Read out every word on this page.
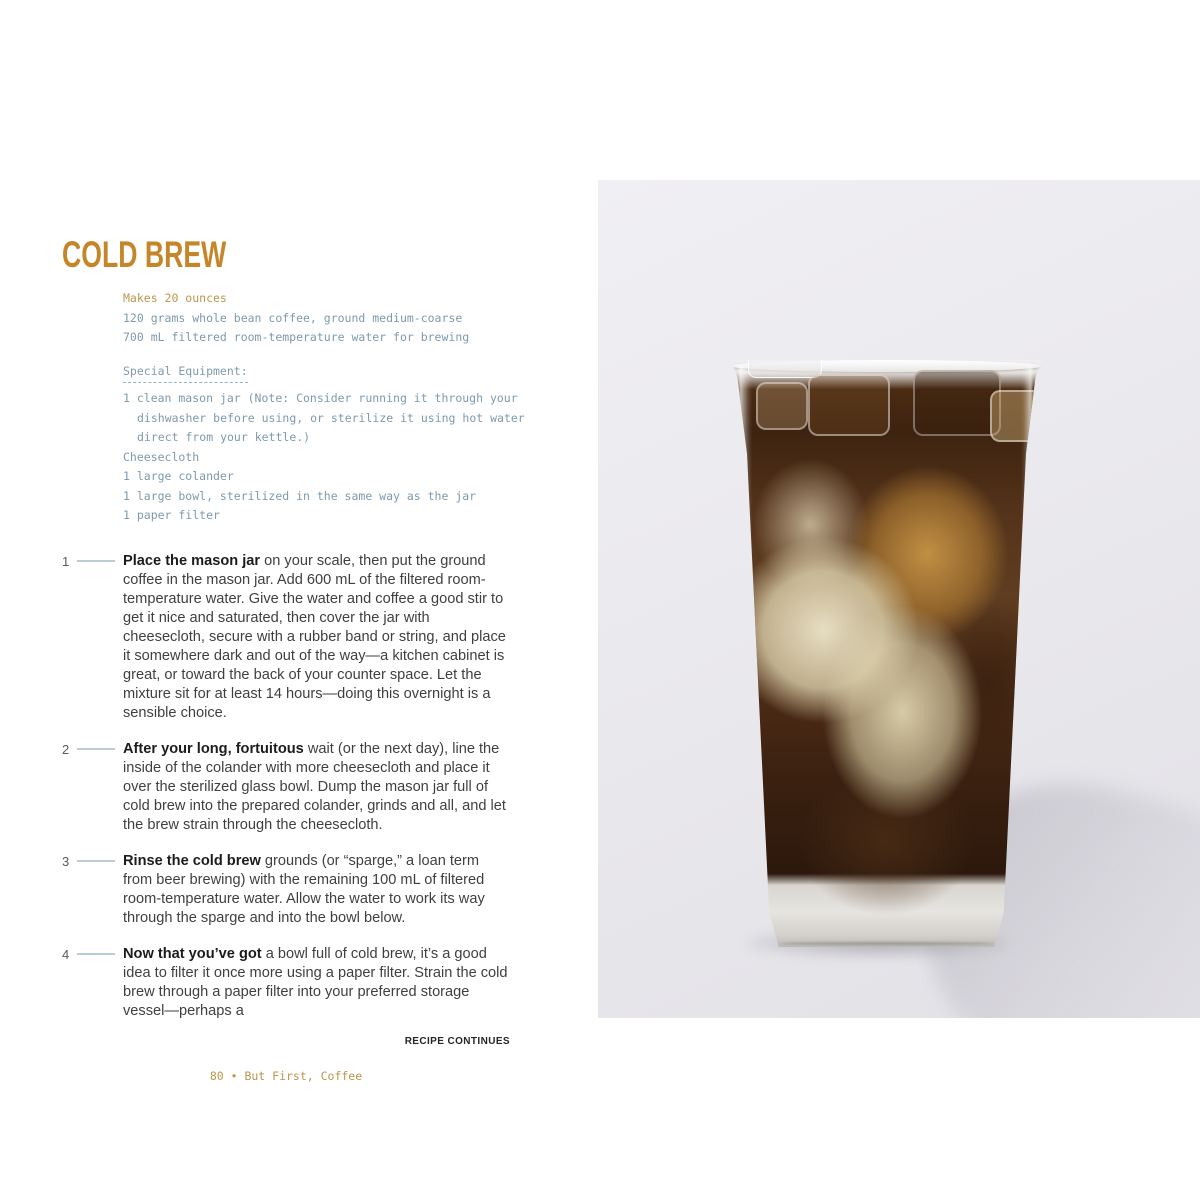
COLD BREW
Makes 20 ounces
120 grams whole bean coffee, ground medium-coarse
700 mL filtered room-temperature water for brewing
Special Equipment:
1 clean mason jar (Note: Consider running it through your
dishwasher before using, or sterilize it using hot water
direct from your kettle.)
Cheesecloth
1 large colander
1 large bowl, sterilized in the same way as the jar
1 paper filter
1	Place the mason jar on your scale, then put the ground coffee in the mason jar. Add 600 mL of the filtered room-temperature water. Give the water and coffee a good stir to get it nice and saturated, then cover the jar with cheesecloth, secure with a rubber band or string, and place it somewhere dark and out of the way—a kitchen cabinet is great, or toward the back of your counter space. Let the mixture sit for at least 14 hours—doing this overnight is a sensible choice.
2	After your long, fortuitous wait (or the next day), line the inside of the colander with more cheesecloth and place it over the sterilized glass bowl. Dump the mason jar full of cold brew into the prepared colander, grinds and all, and let the brew strain through the cheesecloth.
3	Rinse the cold brew grounds (or “sparge,” a loan term from beer brewing) with the remaining 100 mL of filtered room-temperature water. Allow the water to work its way through the sparge and into the bowl below.
4	Now that you’ve got a bowl full of cold brew, it’s a good idea to filter it once more using a paper filter. Strain the cold brew through a paper filter into your preferred storage vessel—perhaps a
RECIPE CONTINUES
80 • But First, Coffee
